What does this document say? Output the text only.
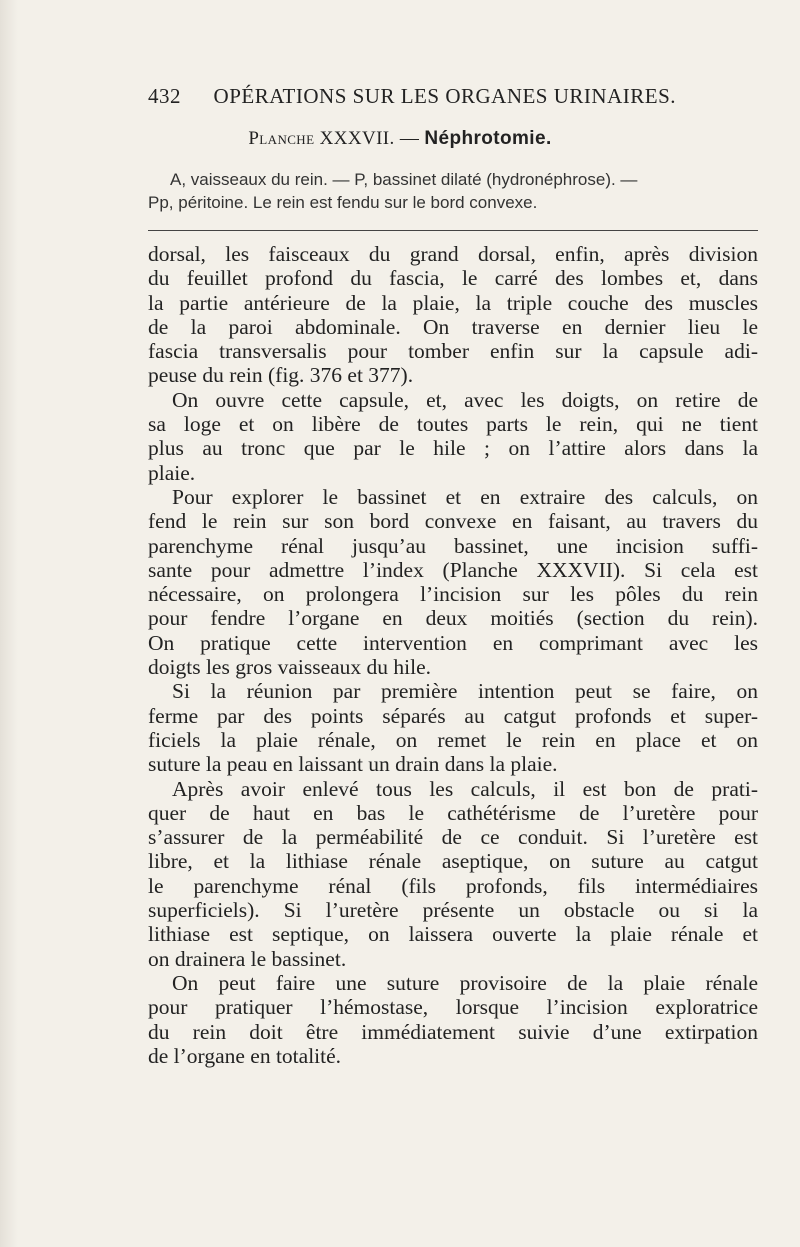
432 OPÉRATIONS SUR LES ORGANES URINAIRES.
Planche XXXVII. — Néphrotomie.
A, vaisseaux du rein. — P, bassinet dilaté (hydronéphrose). —
Pp, péritoine. Le rein est fendu sur le bord convexe.
dorsal, les faisceaux du grand dorsal, enfin, après division
du feuillet profond du fascia, le carré des lombes et, dans
la partie antérieure de la plaie, la triple couche des muscles
de la paroi abdominale. On traverse en dernier lieu le
fascia transversalis pour tomber enfin sur la capsule adi-
peuse du rein (fig. 376 et 377).
On ouvre cette capsule, et, avec les doigts, on retire de
sa loge et on libère de toutes parts le rein, qui ne tient
plus au tronc que par le hile ; on l’attire alors dans la
plaie.
Pour explorer le bassinet et en extraire des calculs, on
fend le rein sur son bord convexe en faisant, au travers du
parenchyme rénal jusqu’au bassinet, une incision suffi-
sante pour admettre l’index (Planche XXXVII). Si cela est
nécessaire, on prolongera l’incision sur les pôles du rein
pour fendre l’organe en deux moitiés (section du rein).
On pratique cette intervention en comprimant avec les
doigts les gros vaisseaux du hile.
Si la réunion par première intention peut se faire, on
ferme par des points séparés au catgut profonds et super-
ficiels la plaie rénale, on remet le rein en place et on
suture la peau en laissant un drain dans la plaie.
Après avoir enlevé tous les calculs, il est bon de prati-
quer de haut en bas le cathétérisme de l’uretère pour
s’assurer de la perméabilité de ce conduit. Si l’uretère est
libre, et la lithiase rénale aseptique, on suture au catgut
le parenchyme rénal (fils profonds, fils intermédiaires
superficiels). Si l’uretère présente un obstacle ou si la
lithiase est septique, on laissera ouverte la plaie rénale et
on drainera le bassinet.
On peut faire une suture provisoire de la plaie rénale
pour pratiquer l’hémostase, lorsque l’incision exploratrice
du rein doit être immédiatement suivie d’une extirpation
de l’organe en totalité.
